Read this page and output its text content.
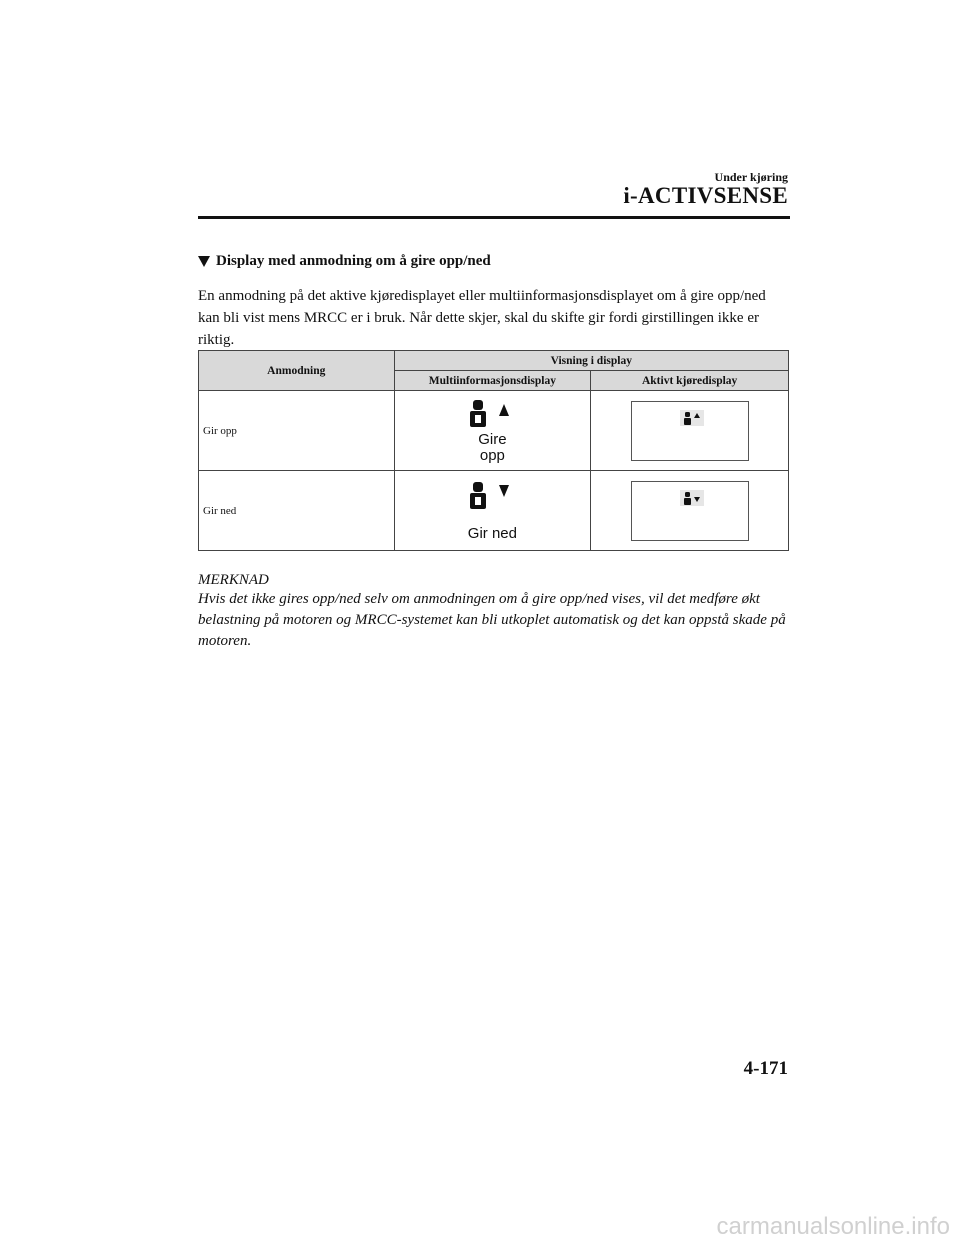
Under kjøring
i-ACTIVSENSE
Display med anmodning om å gire opp/ned
En anmodning på det aktive kjøredisplayet eller multiinformasjonsdisplayet om å gire opp/ned kan bli vist mens MRCC er i bruk. Når dette skjer, skal du skifte gir fordi girstillingen ikke er riktig.
Anmodning	Visning i display	
	Multiinformasjonsdisplay	Aktivt kjøredisplay
Gir opp	Gire
opp

Gir ned	Gir ned

MERKNAD
Hvis det ikke gires opp/ned selv om anmodningen om å gire opp/ned vises, vil det medføre økt belastning på motoren og MRCC-systemet kan bli utkoplet automatisk og det kan oppstå skade på motoren.
4-171
carmanualsonline.info
